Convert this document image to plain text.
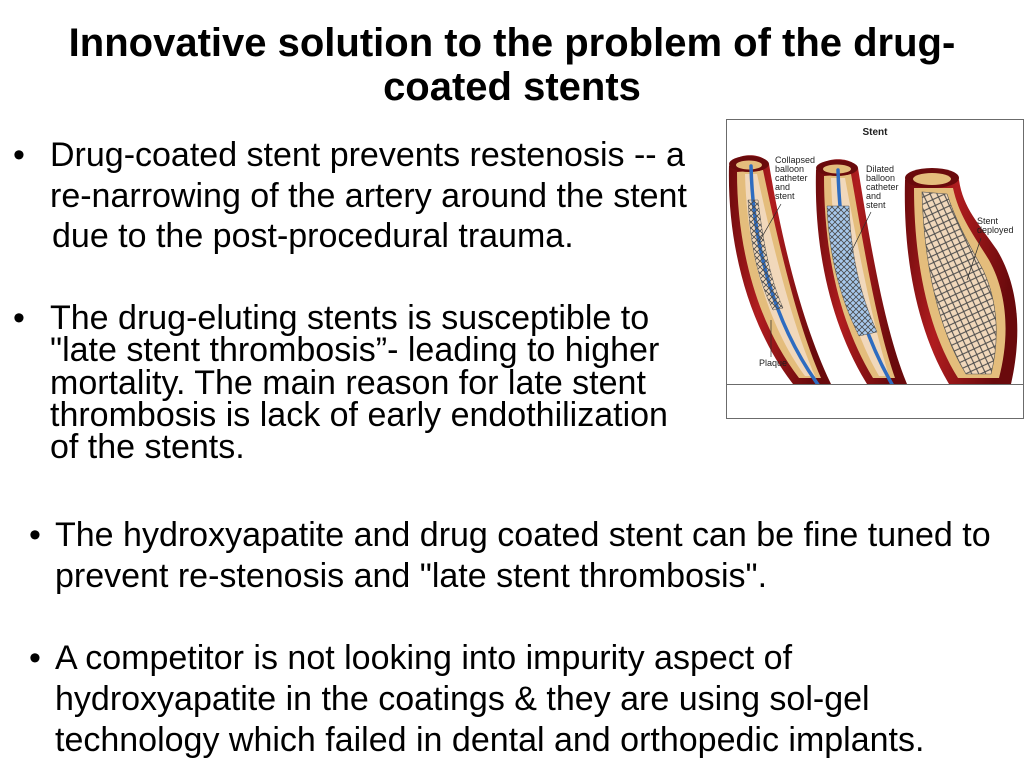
Innovative solution to the problem of the drug-coated stents
• Drug-coated stent prevents restenosis -- a
re-narrowing of the artery around the stent
due to the post-procedural trauma.
• The drug-eluting stents is susceptible to
"late stent thrombosis”- leading to higher
mortality. The main reason for late stent
thrombosis is lack of early endothilization
of the stents.
• The hydroxyapatite and drug coated stent can be fine tuned to
prevent re-stenosis and "late stent thrombosis".
• A competitor is not looking into impurity aspect of
hydroxyapatite in the coatings & they are using sol-gel
technology which failed in dental and orthopedic implants.
Stent
Collapsed
balloon
catheter
and
stent
Dilated
balloon
catheter
and
stent
Stent
deployed
Plaque
